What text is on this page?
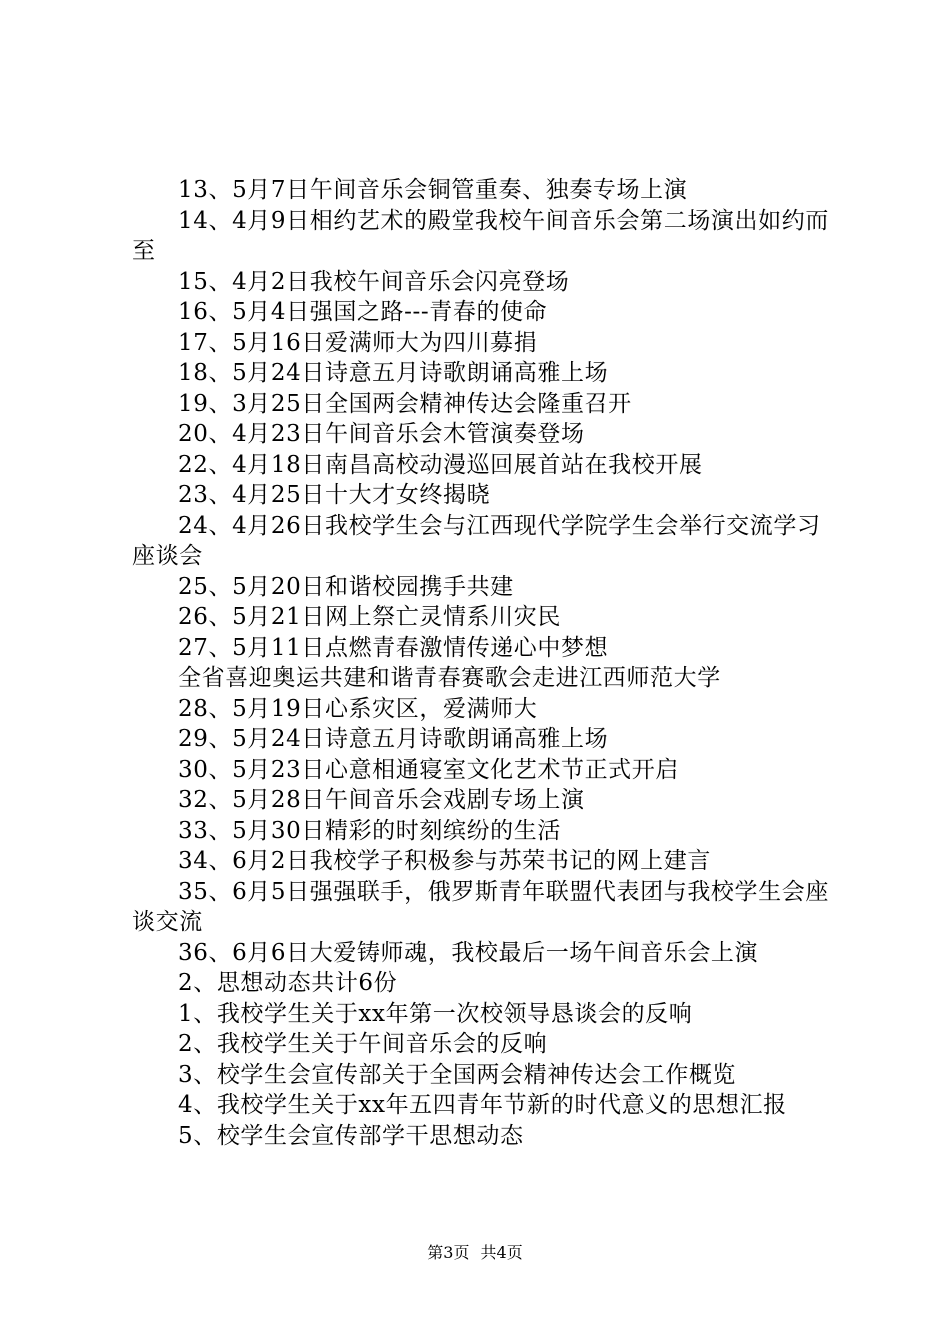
13、5月7日午间音乐会铜管重奏、独奏专场上演

14、4月9日相约艺术的殿堂我校午间音乐会第二场演出如约而至

15、4月2日我校午间音乐会闪亮登场

16、5月4日强国之路---青春的使命

17、5月16日爱满师大为四川募捐

18、5月24日诗意五月诗歌朗诵高雅上场

19、3月25日全国两会精神传达会隆重召开

20、4月23日午间音乐会木管演奏登场

22、4月18日南昌高校动漫巡回展首站在我校开展

23、4月25日十大才女终揭晓

24、4月26日我校学生会与江西现代学院学生会举行交流学习座谈会

25、5月20日和谐校园携手共建

26、5月21日网上祭亡灵情系川灾民

27、5月11日点燃青春激情传递心中梦想

全省喜迎奥运共建和谐青春赛歌会走进江西师范大学

28、5月19日心系灾区，爱满师大

29、5月24日诗意五月诗歌朗诵高雅上场

30、5月23日心意相通寝室文化艺术节正式开启

32、5月28日午间音乐会戏剧专场上演

33、5月30日精彩的时刻缤纷的生活

34、6月2日我校学子积极参与苏荣书记的网上建言

35、6月5日强强联手，俄罗斯青年联盟代表团与我校学生会座谈交流

36、6月6日大爱铸师魂，我校最后一场午间音乐会上演

2、思想动态共计6份

1、我校学生关于xx年第一次校领导恳谈会的反响

2、我校学生关于午间音乐会的反响

3、校学生会宣传部关于全国两会精神传达会工作概览

4、我校学生关于xx年五四青年节新的时代意义的思想汇报

5、校学生会宣传部学干思想动态

第3页 共4页
